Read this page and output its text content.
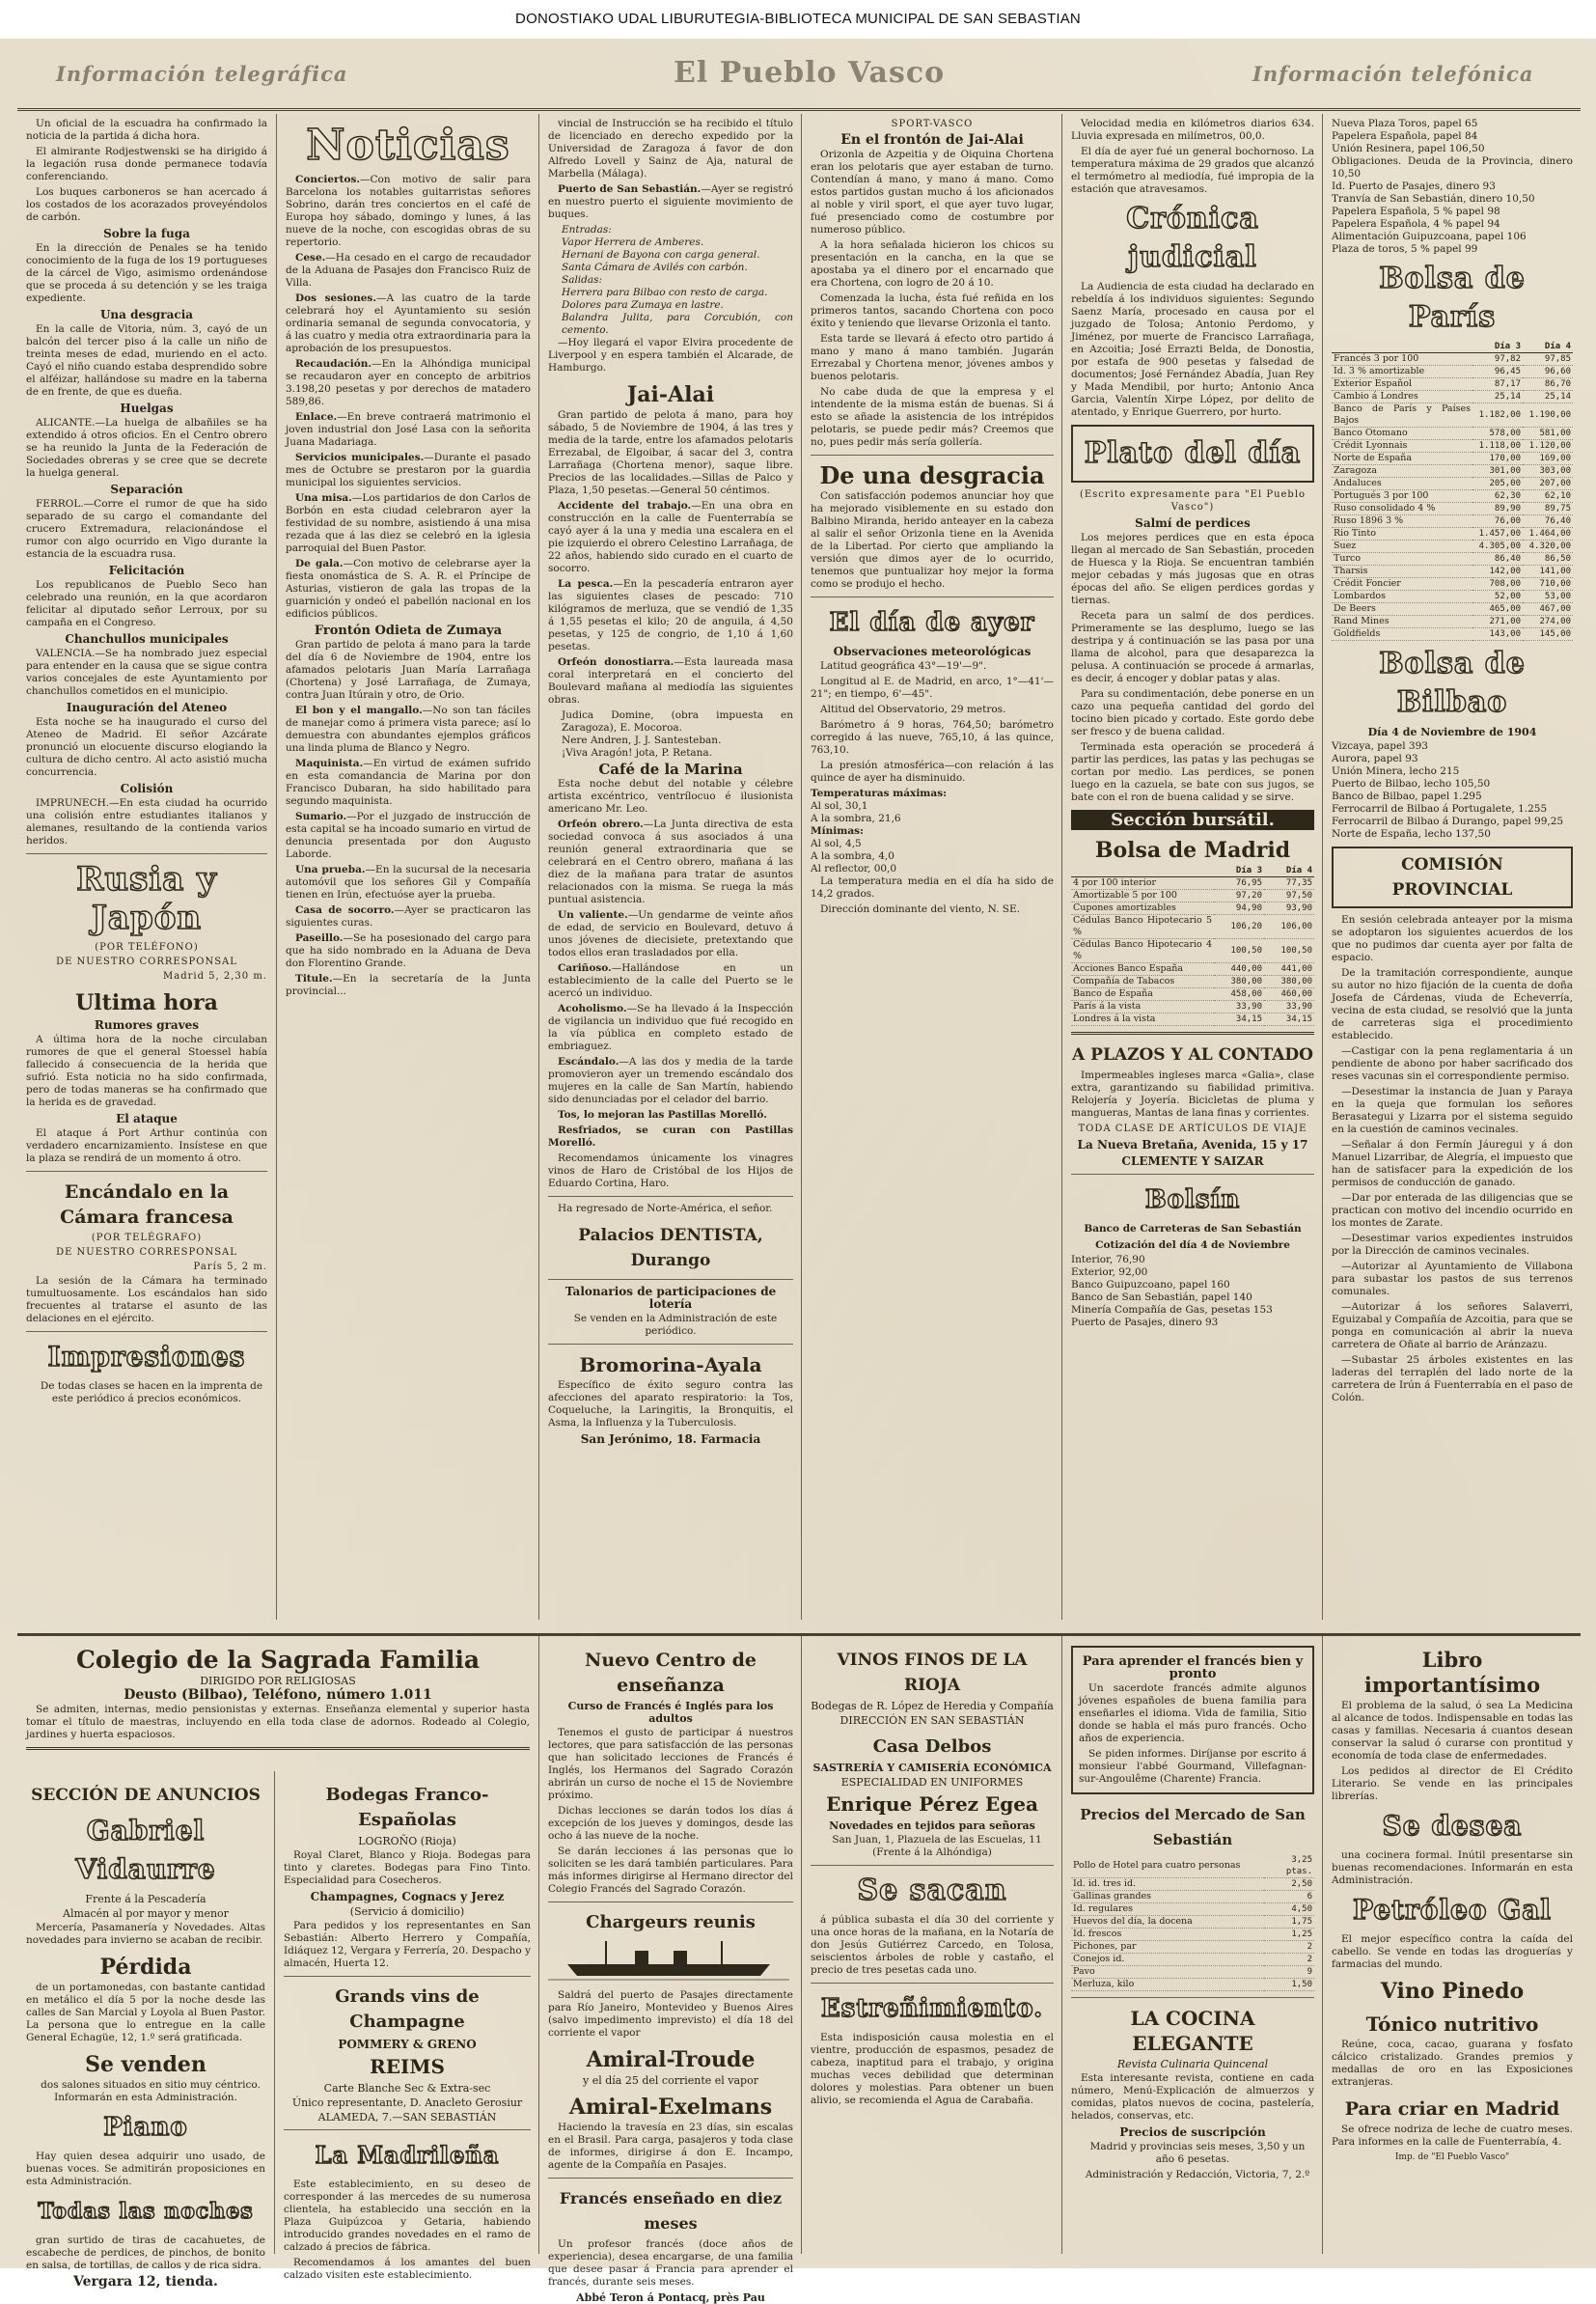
DONOSTIAKO UDAL LIBURUTEGIA-BIBLIOTECA MUNICIPAL DE SAN SEBASTIAN
Información telegráfica	El Pueblo Vasco	Información telefónica

Un oficial de la escuadra ha confirmado la noticia de la partida á dicha hora.

El almirante Rodjestwenski se ha dirigido á la legación rusa donde permanece todavía conferenciando.

Los buques carboneros se han acercado á los costados de los acorazados proveyéndolos de carbón.

Sobre la fuga

En la dirección de Penales se ha tenido conocimiento de la fuga de los 19 portugueses de la cárcel de Vigo, asimismo ordenándose que se proceda á su detención y se les traiga expediente.

Una desgracia

En la calle de Vitoria, núm. 3, cayó de un balcón del tercer piso á la calle un niño de treinta meses de edad, muriendo en el acto. Cayó el niño cuando estaba desprendido sobre el alféizar, hallándose su madre en la taberna de en frente, de que es dueña.

Huelgas

ALICANTE.—La huelga de albañiles se ha extendido á otros oficios. En el Centro obrero se ha reunido la Junta de la Federación de Sociedades obreras y se cree que se decrete la huelga general.

Separación

FERROL.—Corre el rumor de que ha sido separado de su cargo el comandante del crucero Extremadura, relacionándose el rumor con algo ocurrido en Vigo durante la estancia de la escuadra rusa.

Felicitación

Los republicanos de Pueblo Seco han celebrado una reunión, en la que acordaron felicitar al diputado señor Lerroux, por su campaña en el Congreso.

Chanchullos municipales

VALENCIA.—Se ha nombrado juez especial para entender en la causa que se sigue contra varios concejales de este Ayuntamiento por chanchullos cometidos en el municipio.

Inauguración del Ateneo

Esta noche se ha inaugurado el curso del Ateneo de Madrid. El señor Azcárate pronunció un elocuente discurso elogiando la cultura de dicho centro. Al acto asistió mucha concurrencia.

Colisión

IMPRUNECH.—En esta ciudad ha ocurrido una colisión entre estudiantes italianos y alemanes, resultando de la contienda varios heridos.

Rusia y Japón
(POR TELÉFONO)
DE NUESTRO CORRESPONSAL
Madrid 5, 2,30 m.
Ultima hora
Rumores graves

A última hora de la noche circulaban rumores de que el general Stoessel había fallecido á consecuencia de la herida que sufrió. Esta noticia no ha sido confirmada, pero de todas maneras se ha confirmado que la herida es de gravedad.

El ataque

El ataque á Port Arthur continúa con verdadero encarnizamiento. Insístese en que la plaza se rendirá de un momento á otro.

Encándalo en la Cámara francesa
(POR TELÉGRAFO)
DE NUESTRO CORRESPONSAL
París 5, 2 m.

La sesión de la Cámara ha terminado tumultuosamente. Los escándalos han sido frecuentes al tratarse el asunto de las delaciones en el ejército.

Impresiones

De todas clases se hacen en la imprenta de este periódico á precios económicos.

Noticias

Conciertos.—Con motivo de salir para Barcelona los notables guitarristas señores Sobrino, darán tres conciertos en el café de Europa hoy sábado, domingo y lunes, á las nueve de la noche, con escogidas obras de su repertorio.

Cese.—Ha cesado en el cargo de recaudador de la Aduana de Pasajes don Francisco Ruiz de Villa.

Dos sesiones.—A las cuatro de la tarde celebrará hoy el Ayuntamiento su sesión ordinaria semanal de segunda convocatoria, y á las cuatro y media otra extraordinaria para la aprobación de los presupuestos.

Recaudación.—En la Alhóndiga municipal se recaudaron ayer en concepto de arbitrios 3.198,20 pesetas y por derechos de matadero 589,86.

Enlace.—En breve contraerá matrimonio el joven industrial don José Lasa con la señorita Juana Madariaga.

Servicios municipales.—Durante el pasado mes de Octubre se prestaron por la guardia municipal los siguientes servicios.

Una misa.—Los partidarios de don Carlos de Borbón en esta ciudad celebraron ayer la festividad de su nombre, asistiendo á una misa rezada que á las diez se celebró en la iglesia parroquial del Buen Pastor.

De gala.—Con motivo de celebrarse ayer la fiesta onomástica de S. A. R. el Príncipe de Asturias, vistieron de gala las tropas de la guarnición y ondeó el pabellón nacional en los edificios públicos.

Frontón Odieta de Zumaya

Gran partido de pelota á mano para la tarde del día 6 de Noviembre de 1904, entre los afamados pelotaris Juan María Larrañaga (Chortena) y José Larrañaga, de Zumaya, contra Juan Itúrain y otro, de Orio.

El bon y el mangallo.—No son tan fáciles de manejar como á primera vista parece; así lo demuestra con abundantes ejemplos gráficos una linda pluma de Blanco y Negro.

Maquinista.—En virtud de exámen sufrido en esta comandancia de Marina por don Francisco Dubaran, ha sido habilitado para segundo maquinista.

Sumario.—Por el juzgado de instrucción de esta capital se ha incoado sumario en virtud de denuncia presentada por don Augusto Laborde.

Una prueba.—En la sucursal de la necesaria automóvil que los señores Gil y Compañía tienen en Irún, efectuóse ayer la prueba.

Casa de socorro.—Ayer se practicaron las siguientes curas.

Paseillo.—Se ha posesionado del cargo para que ha sido nombrado en la Aduana de Deva don Florentino Grande.

Titule.—En la secretaría de la Junta provincial...

vincial de Instrucción se ha recibido el título de licenciado en derecho expedido por la Universidad de Zaragoza á favor de don Alfredo Lovell y Sainz de Aja, natural de Marbella (Málaga).

Puerto de San Sebastián.—Ayer se registró en nuestro puerto el siguiente movimiento de buques.

Entradas:
Vapor Herrera de Amberes.
Hernani de Bayona con carga general.
Santa Cámara de Avilés con carbón.
Salidas:
Herrera para Bilbao con resto de carga.
Dolores para Zumaya en lastre.
Balandra Julita, para Corcubión, con cemento.

—Hoy llegará el vapor Elvira procedente de Liverpool y en espera también el Alcarade, de Hamburgo.

Jai-Alai

Gran partido de pelota á mano, para hoy sábado, 5 de Noviembre de 1904, á las tres y media de la tarde, entre los afamados pelotaris Errezabal, de Elgoibar, á sacar del 3, contra Larrañaga (Chortena menor), saque libre. Precios de las localidades.—Sillas de Palco y Plaza, 1,50 pesetas.—General 50 céntimos.

Accidente del trabajo.—En una obra en construcción en la calle de Fuenterrabía se cayó ayer á la una y media una escalera en el pie izquierdo el obrero Celestino Larrañaga, de 22 años, habiendo sido curado en el cuarto de socorro.

La pesca.—En la pescadería entraron ayer las siguientes clases de pescado: 710 kilógramos de merluza, que se vendió de 1,35 á 1,55 pesetas el kilo; 20 de anguila, á 4,50 pesetas, y 125 de congrio, de 1,10 á 1,60 pesetas.

Orfeón donostiarra.—Esta laureada masa coral interpretará en el concierto del Boulevard mañana al mediodía las siguientes obras.

Judica Domine, (obra impuesta en Zaragoza), E. Mocoroa.
Nere Andren, J. J. Santesteban.
¡Viva Aragón! jota, P. Retana.
Café de la Marina

Esta noche debut del notable y célebre artista excéntrico, ventrílocuo é ilusionista americano Mr. Leo.

Orfeón obrero.—La Junta directiva de esta sociedad convoca á sus asociados á una reunión general extraordinaria que se celebrará en el Centro obrero, mañana á las diez de la mañana para tratar de asuntos relacionados con la misma. Se ruega la más puntual asistencia.

Un valiente.—Un gendarme de veinte años de edad, de servicio en Boulevard, detuvo á unos jóvenes de diecisiete, pretextando que todos ellos eran trasladados por ella.

Cariñoso.—Hallándose en un establecimiento de la calle del Puerto se le acercó un individuo.

Acoholismo.—Se ha llevado á la Inspección de vigilancia un individuo que fué recogido en la vía pública en completo estado de embriaguez.

Escándalo.—A las dos y media de la tarde promovieron ayer un tremendo escándalo dos mujeres en la calle de San Martín, habiendo sido denunciadas por el celador del barrio.

Tos, lo mejoran las Pastillas Morelló.

Resfriados, se curan con Pastillas Morelló.

Recomendamos únicamente los vinagres vinos de Haro de Cristóbal de los Hijos de Eduardo Cortina, Haro.

Ha regresado de Norte-América, el señor.

Palacios DENTISTA, Durango
Talonarios de participaciones de lotería

Se venden en la Administración de este periódico.

Bromorina-Ayala

Específico de éxito seguro contra las afecciones del aparato respiratorio: la Tos, Coqueluche, la Laringitis, la Bronquitis, el Asma, la Influenza y la Tuberculosis.

San Jerónimo, 18. Farmacia
SPORT-VASCO
En el frontón de Jai-Alai

Orizonla de Azpeitia y de Oiquina Chortena eran los pelotaris que ayer estaban de turno. Contendían á mano, y mano á mano. Como estos partidos gustan mucho á los aficionados al noble y viril sport, el que ayer tuvo lugar, fué presenciado como de costumbre por numeroso público.

A la hora señalada hicieron los chicos su presentación en la cancha, en la que se apostaba ya el dinero por el encarnado que era Chortena, con logro de 20 á 10.

Comenzada la lucha, ésta fué reñida en los primeros tantos, sacando Chortena con poco éxito y teniendo que llevarse Orizonla el tanto.

Esta tarde se llevará á efecto otro partido á mano y mano á mano también. Jugarán Errezabal y Chortena menor, jóvenes ambos y buenos pelotaris.

No cabe duda de que la empresa y el intendente de la misma están de buenas. Si á esto se añade la asistencia de los intrépidos pelotaris, se puede pedir más? Creemos que no, pues pedir más sería gollería.

De una desgracia

Con satisfacción podemos anunciar hoy que ha mejorado visiblemente en su estado don Balbino Miranda, herido anteayer en la cabeza al salir el señor Orizonla tiene en la Avenida de la Libertad. Por cierto que ampliando la versión que dimos ayer de lo ocurrido, tenemos que puntualizar hoy mejor la forma como se produjo el hecho.

El día de ayer
Observaciones meteorológicas

Latitud geográfica 43°—19'—9".

Longitud al E. de Madrid, en arco, 1°—41'—21"; en tiempo, 6'—45".

Altitud del Observatorio, 29 metros.

Barómetro á 9 horas, 764,50; barómetro corregido á las nueve, 765,10, á las quince, 763,10.

La presión atmosférica—con relación á las quince de ayer ha disminuido.

Temperaturas máximas:
Al sol, 30,1
A la sombra, 21,6
Mínimas:
Al sol, 4,5
A la sombra, 4,0
Al reflector, 00,0

La temperatura media en el día ha sido de 14,2 grados.

Dirección dominante del viento, N. SE.

Velocidad media en kilómetros diarios 634. Lluvia expresada en milímetros, 00,0.

El día de ayer fué un general bochornoso. La temperatura máxima de 29 grados que alcanzó el termómetro al mediodía, fué impropia de la estación que atravesamos.

Crónica judicial

La Audiencia de esta ciudad ha declarado en rebeldía á los individuos siguientes: Segundo Saenz María, procesado en causa por el juzgado de Tolosa; Antonio Perdomo, y Jiménez, por muerte de Francisco Larrañaga, en Azcoitia; José Errazti Belda, de Donostia, por estafa de 900 pesetas y falsedad de documentos; José Fernández Abadía, Juan Rey y Mada Mendibil, por hurto; Antonio Anca Garcia, Valentín Xirpe López, por delito de atentado, y Enrique Guerrero, por hurto.

Plato del día
(Escrito expresamente para "El Pueblo Vasco")
Salmí de perdices

Los mejores perdices que en esta época llegan al mercado de San Sebastián, proceden de Huesca y la Rioja. Se encuentran también mejor cebadas y más jugosas que en otras épocas del año. Se eligen perdices gordas y tiernas.

Receta para un salmí de dos perdices. Primeramente se las desplumo, luego se las destripa y á continuación se las pasa por una llama de alcohol, para que desaparezca la pelusa. A continuación se procede á armarlas, es decir, á encoger y doblar patas y alas.

Para su condimentación, debe ponerse en un cazo una pequeña cantidad del gordo del tocino bien picado y cortado. Este gordo debe ser fresco y de buena calidad.

Terminada esta operación se procederá á partir las perdices, las patas y las pechugas se cortan por medio. Las perdices, se ponen luego en la cazuela, se bate con sus jugos, se bate con el ron de buena calidad y se sirve.

Sección bursátil.
Bolsa de Madrid
	Día 3	Día 4
4 por 100 interior	76,95	77,35
Amortizable 5 por 100	97,20	97,50
Cupones amortizables	94,90	93,90
Cédulas Banco Hipotecario 5 %	106,20	106,00
Cédulas Banco Hipotecario 4 %	100,50	100,50
Acciones Banco España	440,00	441,00
Compañía de Tabacos	380,00	380,00
Banco de España	458,00	460,00
París á la vista	33,90	33,90
Londres á la vista	34,15	34,15
A PLAZOS Y AL CONTADO

Impermeables ingleses marca «Galia», clase extra, garantizando su fiabilidad primitiva. Relojería y Joyería. Bicicletas de pluma y mangueras, Mantas de lana finas y corrientes.

TODA CLASE DE ARTÍCULOS DE VIAJE
La Nueva Bretaña, Avenida, 15 y 17
CLEMENTE Y SAIZAR
Bolsín
Banco de Carreteras de San Sebastián
Cotización del día 4 de Noviembre
Interior, 76,90
Exterior, 92,00
Banco Guipuzcoano, papel 160
Banco de San Sebastián, papel 140
Minería Compañía de Gas, pesetas 153
Puerto de Pasajes, dinero 93
Nueva Plaza Toros, papel 65
Papelera Española, papel 84
Unión Resinera, papel 106,50
Obligaciones. Deuda de la Provincia, dinero 10,50
Id. Puerto de Pasajes, dinero 93
Tranvía de San Sebastián, dinero 10,50
Papelera Española, 5 % papel 98
Papelera Española, 4 % papel 94
Alimentación Guipuzcoana, papel 106
Plaza de toros, 5 % papel 99
Bolsa de París
	Día 3	Día 4
Francés 3 por 100	97,82	97,85
Id. 3 % amortizable	96,45	96,60
Exterior Español	87,17	86,70
Cambio á Londres	25,14	25,14
Banco de París y Países Bajos	1.182,00	1.190,00
Banco Otomano	578,00	581,00
Crédit Lyonnais	1.118,00	1.120,00
Norte de España	170,00	169,00
Zaragoza	301,00	303,00
Andaluces	205,00	207,00
Portugués 3 por 100	62,30	62,10
Ruso consolidado 4 %	89,90	89,75
Ruso 1896 3 %	76,00	76,40
Rio Tinto	1.457,00	1.464,00
Suez	4.305,00	4.320,00
Turco	86,40	86,50
Tharsis	142,00	141,00
Crédit Foncier	708,00	710,00
Lombardos	52,00	53,00
De Beers	465,00	467,00
Rand Mines	271,00	274,00
Goldfields	143,00	145,00
Bolsa de Bilbao
Día 4 de Noviembre de 1904
Vizcaya, papel 393
Aurora, papel 93
Unión Minera, lecho 215
Puerto de Bilbao, lecho 105,50
Banco de Bilbao, papel 1.295
Ferrocarril de Bilbao á Portugalete, 1.255
Ferrocarril de Bilbao á Durango, papel 99,25
Norte de España, lecho 137,50
COMISIÓN PROVINCIAL

En sesión celebrada anteayer por la misma se adoptaron los siguientes acuerdos de los que no pudimos dar cuenta ayer por falta de espacio.

De la tramitación correspondiente, aunque su autor no hizo fijación de la cuenta de doña Josefa de Cárdenas, viuda de Echeverría, vecina de esta ciudad, se resolvió que la junta de carreteras siga el procedimiento establecido.

—Castigar con la pena reglamentaria á un pendiente de abono por haber sacrificado dos reses vacunas sin el correspondiente permiso.

—Desestimar la instancia de Juan y Paraya en la queja que formulan los señores Berasategui y Lizarra por el sistema seguido en la cuestión de caminos vecinales.

—Señalar á don Fermín Jáuregui y á don Manuel Lizarribar, de Alegría, el impuesto que han de satisfacer para la expedición de los permisos de conducción de ganado.

—Dar por enterada de las diligencias que se practican con motivo del incendio ocurrido en los montes de Zarate.

—Desestimar varios expedientes instruidos por la Dirección de caminos vecinales.

—Autorizar al Ayuntamiento de Villabona para subastar los pastos de sus terrenos comunales.

—Autorizar á los señores Salaverri, Eguizabal y Compañía de Azcoitia, para que se ponga en comunicación al abrir la nueva carretera de Oñate al barrio de Aránzazu.

—Subastar 25 árboles existentes en las laderas del terraplén del lado norte de la carretera de Irún á Fuenterrabía en el paso de Colón.

Colegio de la Sagrada Familia
DIRIGIDO POR RELIGIOSAS
Deusto (Bilbao), Teléfono, número 1.011

Se admiten, internas, medio pensionistas y externas. Enseñanza elemental y superior hasta tomar el título de maestras, incluyendo en ella toda clase de adornos. Rodeado al Colegio, jardines y huerta espaciosos.

SECCIÓN DE ANUNCIOS
Gabriel Vidaurre
Frente á la Pescadería
Almacén al por mayor y menor

Mercería, Pasamanería y Novedades. Altas novedades para invierno se acaban de recibir.

Pérdida

de un portamonedas, con bastante cantidad en metálico el día 5 por la noche desde las calles de San Marcial y Loyola al Buen Pastor. La persona que lo entregue en la calle General Echagüe, 12, 1.º será gratificada.

Se venden

dos salones situados en sitio muy céntrico. Informarán en esta Administración.

Piano

Hay quien desea adquirir uno usado, de buenas voces. Se admitirán proposiciones en esta Administración.

Todas las noches

gran surtido de tiras de cacahuetes, de escabeche de perdices, de pinchos, de bonito en salsa, de tortillas, de callos y de rica sidra.

Vergara 12, tienda.
Bodegas Franco-Españolas
LOGROÑO (Rioja)

Royal Claret, Blanco y Rioja. Bodegas para tinto y claretes. Bodegas para Fino Tinto. Especialidad para Cosecheros.

Champagnes, Cognacs y Jerez
(Servicio á domicilio)

Para pedidos y los representantes en San Sebastián: Alberto Herrero y Compañía, Idiáquez 12, Vergara y Ferrería, 20. Despacho y almacén, Huerta 12.

Grands vins de Champagne
POMMERY & GRENO
REIMS
Carte Blanche Sec & Extra-sec
Único representante, D. Anacleto Gerosiur
ALAMEDA, 7.—SAN SEBASTIÁN
La Madrileña

Este establecimiento, en su deseo de corresponder á las mercedes de su numerosa clientela, ha establecido una sección en la Plaza Guipúzcoa y Getaria, habiendo introducido grandes novedades en el ramo de calzado á precios de fábrica.

Recomendamos á los amantes del buen calzado visiten este establecimiento.

Nuevo Centro de enseñanza
Curso de Francés é Inglés para los adultos

Tenemos el gusto de participar á nuestros lectores, que para satisfacción de las personas que han solicitado lecciones de Francés é Inglés, los Hermanos del Sagrado Corazón abrirán un curso de noche el 15 de Noviembre próximo.

Dichas lecciones se darán todos los días á excepción de los jueves y domingos, desde las ocho á las nueve de la noche.

Se darán lecciones á las personas que lo soliciten se les dará también particulares. Para más informes dirigirse al Hermano director del Colegio Francés del Sagrado Corazón.

Chargeurs reunis

Saldrá del puerto de Pasajes directamente para Río Janeiro, Montevideo y Buenos Aires (salvo impedimento imprevisto) el día 18 del corriente el vapor

Amiral-Troude
y el día 25 del corriente el vapor
Amiral-Exelmans

Haciendo la travesía en 23 días, sin escalas en el Brasil. Para carga, pasajeros y toda clase de informes, dirigirse á don E. Incampo, agente de la Compañía en Pasajes.

Francés enseñado en diez meses

Un profesor francés (doce años de experiencia), desea encargarse, de una familia que desee pasar á Francia para aprender el francés, durante seis meses.

Abbé Teron á Pontacq, près Pau
VINOS FINOS DE LA RIOJA
Bodegas de R. López de Heredia y Compañía
DIRECCIÓN EN SAN SEBASTIÁN
Casa Delbos
SASTRERÍA Y CAMISERÍA ECONÓMICA
ESPECIALIDAD EN UNIFORMES
Enrique Pérez Egea
Novedades en tejidos para señoras

San Juan, 1, Plazuela de las Escuelas, 11 (Frente á la Alhóndiga)

Se sacan

á pública subasta el día 30 del corriente y una once horas de la mañana, en la Notaría de don Jesús Gutiérrez Carcedo, en Tolosa, seiscientos árboles de roble y castaño, el precio de tres pesetas cada uno.

Estreñimiento.

Esta indisposición causa molestia en el vientre, producción de espasmos, pesadez de cabeza, inaptitud para el trabajo, y origina muchas veces debilidad que determinan dolores y molestias. Para obtener un buen alivio, se recomienda el Agua de Carabaña.

Para aprender el francés bien y pronto

Un sacerdote francés admite algunos jóvenes españoles de buena familia para enseñarles el idioma. Vida de familia, Sitio donde se habla el más puro francés. Ocho años de experiencia.

Se piden informes. Diríjanse por escrito á monsieur l'abbé Gourmand, Villefagnan-sur-Angoulême (Charente) Francia.

Precios del Mercado de San Sebastián
Pollo de Hotel para cuatro personas	3,25 ptas.
Id. id. tres id.	2,50
Gallinas grandes	6
Id. regulares	4,50
Huevos del día, la docena	1,75
Id. frescos	1,25
Pichones, par	2
Conejos id.	2
Pavo	9
Merluza, kilo	1,50
LA COCINA ELEGANTE
Revista Culinaria Quincenal

Esta interesante revista, contiene en cada número, Menú-Explicación de almuerzos y comidas, platos nuevos de cocina, pastelería, helados, conservas, etc.

Precios de suscripción

Madrid y provincias seis meses, 3,50 y un año 6 pesetas.

Administración y Redacción, Victoria, 7, 2.º

Libro importantísimo

El problema de la salud, ó sea La Medicina al alcance de todos. Indispensable en todas las casas y familias. Necesaria á cuantos desean conservar la salud ó curarse con prontitud y economía de toda clase de enfermedades.

Los pedidos al director de El Crédito Literario. Se vende en las principales librerías.

Se desea

una cocinera formal. Inútil presentarse sin buenas recomendaciones. Informarán en esta Administración.

Petróleo Gal

El mejor específico contra la caída del cabello. Se vende en todas las droguerías y farmacias del mundo.

Vino Pinedo
Tónico nutritivo

Reúne, coca, cacao, guarana y fosfato cálcico cristalizado. Grandes premios y medallas de oro en las Exposiciones extranjeras.

Para criar en Madrid

Se ofrece nodriza de leche de cuatro meses. Para informes en la calle de Fuenterrabía, 4.

Imp. de "El Pueblo Vasco"
